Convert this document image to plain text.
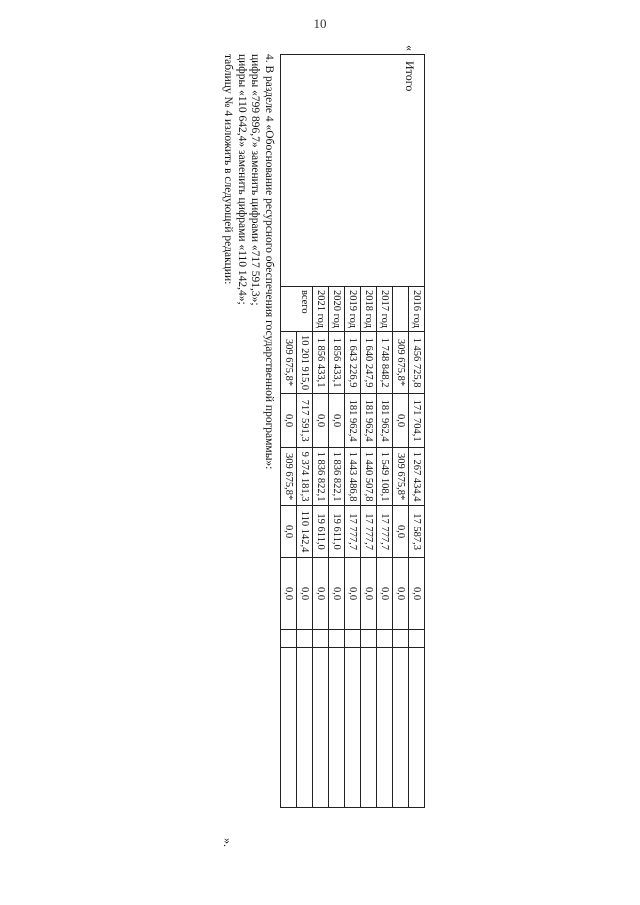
10
«
Итого	2016 год	1 456 725,8	171 704,1	1 267 434,4	17 587,3	0,0		
		309 675,8*	0,0	309 675,8*	0,0	0,0		
	2017 год	1 748 848,2	181 962,4	1 549 108,1	17 777,7	0,0		
	2018 год	1 640 247,9	181 962,4	1 440 507,8	17 777,7	0,0		
	2019 год	1 643 226,9	181 962,4	1 443 486,8	17 777,7	0,0		
	2020 год	1 856 433,1	0,0	1 836 822,1	19 611,0	0,0		
	2021 год	1 856 433,1	0,0	1 836 822,1	19 611,0	0,0		
	всего	10 201 915,0	717 591,3	9 374 181,3	110 142,4	0,0		
		309 675,8*	0,0	309 675,8*	0,0	0,0		
».

4. В разделе 4 «Обоснование ресурсного обеспечения государственной программы»:

цифры «799 896,7» заменить цифрами «717 591,3»;

цифры «110 642,4» заменить цифрами «110 142,4»;

таблицу № 4 изложить в следующей редакции:
